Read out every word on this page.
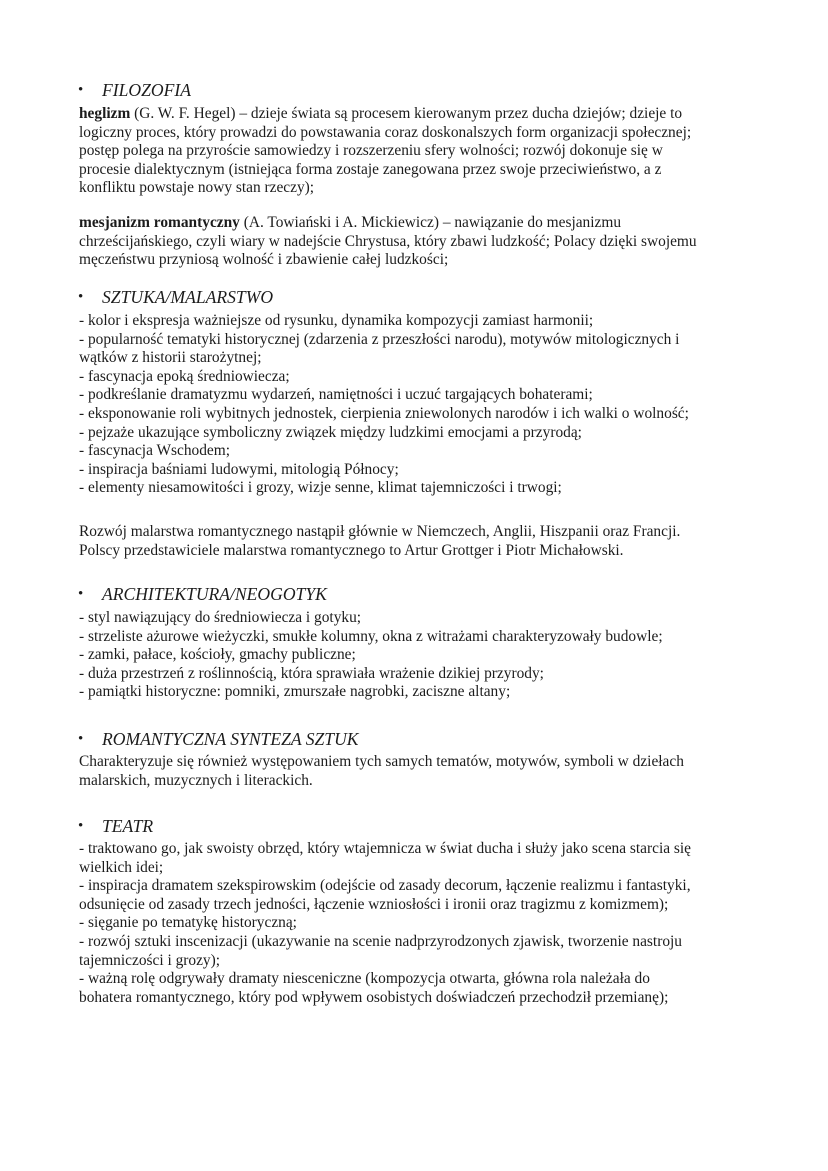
• FILOZOFIA
heglizm (G. W. F. Hegel) – dzieje świata są procesem kierowanym przez ducha dziejów; dzieje to
logiczny proces, który prowadzi do powstawania coraz doskonalszych form organizacji społecznej;
postęp polega na przyroście samowiedzy i rozszerzeniu sfery wolności; rozwój dokonuje się w
procesie dialektycznym (istniejąca forma zostaje zanegowana przez swoje przeciwieństwo, a z
konfliktu powstaje nowy stan rzeczy);
mesjanizm romantyczny (A. Towiański i A. Mickiewicz) – nawiązanie do mesjanizmu
chrześcijańskiego, czyli wiary w nadejście Chrystusa, który zbawi ludzkość; Polacy dzięki swojemu
męczeństwu przyniosą wolność i zbawienie całej ludzkości;
• SZTUKA/MALARSTWO
- kolor i ekspresja ważniejsze od rysunku, dynamika kompozycji zamiast harmonii;
- popularność tematyki historycznej (zdarzenia z przeszłości narodu), motywów mitologicznych i
wątków z historii starożytnej;
- fascynacja epoką średniowiecza;
- podkreślanie dramatyzmu wydarzeń, namiętności i uczuć targających bohaterami;
- eksponowanie roli wybitnych jednostek, cierpienia zniewolonych narodów i ich walki o wolność;
- pejzaże ukazujące symboliczny związek między ludzkimi emocjami a przyrodą;
- fascynacja Wschodem;
- inspiracja baśniami ludowymi, mitologią Północy;
- elementy niesamowitości i grozy, wizje senne, klimat tajemniczości i trwogi;
Rozwój malarstwa romantycznego nastąpił głównie w Niemczech, Anglii, Hiszpanii oraz Francji.
Polscy przedstawiciele malarstwa romantycznego to Artur Grottger i Piotr Michałowski.
• ARCHITEKTURA/NEOGOTYK
- styl nawiązujący do średniowiecza i gotyku;
- strzeliste ażurowe wieżyczki, smukłe kolumny, okna z witrażami charakteryzowały budowle;
- zamki, pałace, kościoły, gmachy publiczne;
- duża przestrzeń z roślinnością, która sprawiała wrażenie dzikiej przyrody;
- pamiątki historyczne: pomniki, zmurszałe nagrobki, zaciszne altany;
• ROMANTYCZNA SYNTEZA SZTUK
Charakteryzuje się również występowaniem tych samych tematów, motywów, symboli w dziełach
malarskich, muzycznych i literackich.
• TEATR
- traktowano go, jak swoisty obrzęd, który wtajemnicza w świat ducha i służy jako scena starcia się
wielkich idei;
- inspiracja dramatem szekspirowskim (odejście od zasady decorum, łączenie realizmu i fantastyki,
odsunięcie od zasady trzech jedności, łączenie wzniosłości i ironii oraz tragizmu z komizmem);
- sięganie po tematykę historyczną;
- rozwój sztuki inscenizacji (ukazywanie na scenie nadprzyrodzonych zjawisk, tworzenie nastroju
tajemniczości i grozy);
- ważną rolę odgrywały dramaty niesceniczne (kompozycja otwarta, główna rola należała do
bohatera romantycznego, który pod wpływem osobistych doświadczeń przechodził przemianę);
